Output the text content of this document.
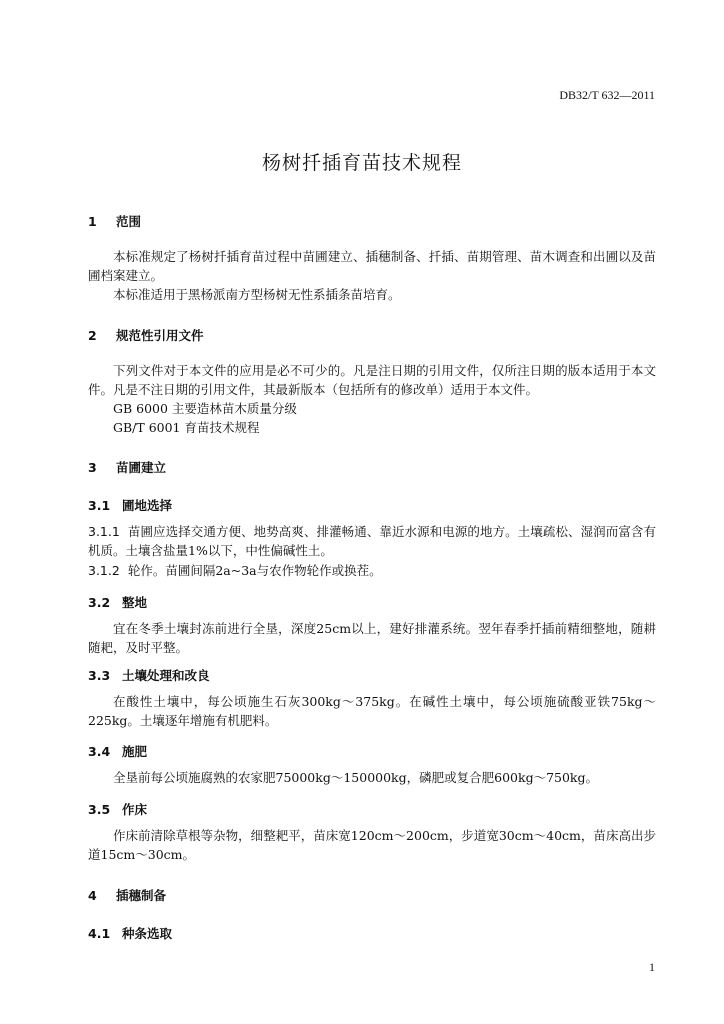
DB32/T 632—2011
杨树扦插育苗技术规程
1 范围
本标准规定了杨树扦插育苗过程中苗圃建立、插穗制备、扦插、苗期管理、苗木调查和出圃以及苗圃档案建立。
本标准适用于黑杨派南方型杨树无性系插条苗培育。
2 规范性引用文件
下列文件对于本文件的应用是必不可少的。凡是注日期的引用文件，仅所注日期的版本适用于本文件。凡是不注日期的引用文件，其最新版本（包括所有的修改单）适用于本文件。
GB 6000 主要造林苗木质量分级
GB/T 6001 育苗技术规程
3 苗圃建立
3.1 圃地选择
3.1.1 苗圃应选择交通方便、地势高爽、排灌畅通、靠近水源和电源的地方。土壤疏松、湿润而富含有机质。土壤含盐量1%以下，中性偏碱性土。
3.1.2 轮作。苗圃间隔2a~3a与农作物轮作或换茬。
3.2 整地
宜在冬季土壤封冻前进行全垦，深度25cm以上，建好排灌系统。翌年春季扦插前精细整地，随耕随耙，及时平整。
3.3 土壤处理和改良
在酸性土壤中，每公顷施生石灰300kg～375kg。在碱性土壤中，每公顷施硫酸亚铁75kg～225kg。土壤逐年增施有机肥料。
3.4 施肥
全垦前每公顷施腐熟的农家肥75000kg～150000kg，磷肥或复合肥600kg～750kg。
3.5 作床
作床前清除草根等杂物，细整耙平，苗床宽120cm～200cm，步道宽30cm～40cm，苗床高出步道15cm～30cm。
4 插穗制备
4.1 种条选取
1
